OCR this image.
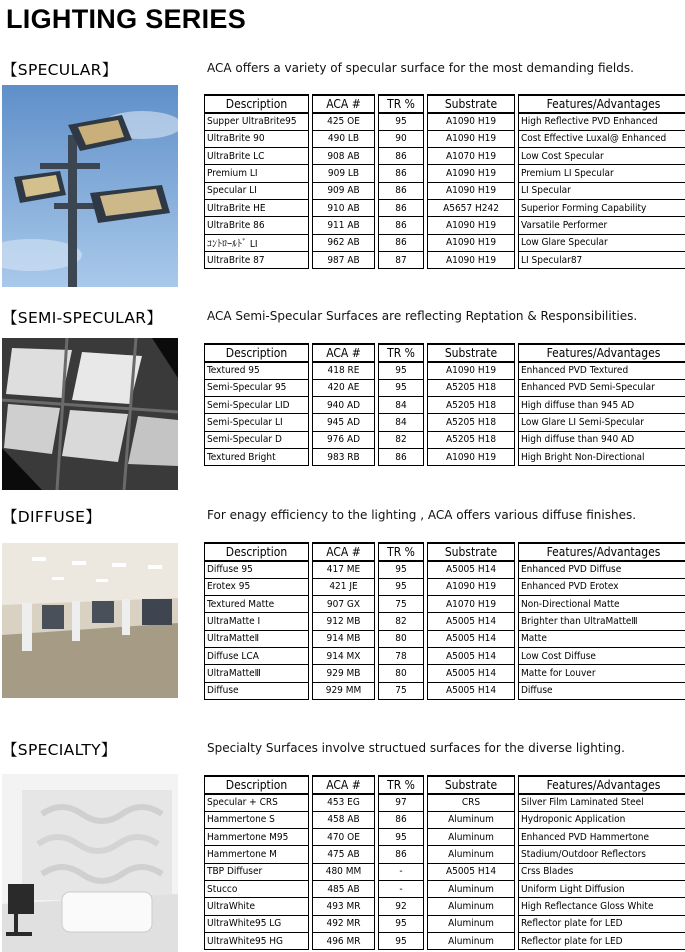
LIGHTING SERIES
【SPECULAR】	ACA offers a variety of specular surface for the most demanding fields.
Description		ACA #		TR %		Substrate		Features/Advantages
Supper UltraBrite95		425 OE		95		A1090 H19		High Reflective PVD Enhanced
UltraBrite 90		490 LB		90		A1090 H19		Cost Effective Luxal@ Enhanced
UltraBrite LC		908 AB		86		A1070 H19		Low Cost Specular
Premium LI		909 LB		86		A1090 H19		Premium LI Specular
Specular LI		909 AB		86		A1090 H19		LI Specular
UltraBrite HE		910 AB		86		A5657 H242		Superior Forming Capability
UltraBrite 86		911 AB		86		A1090 H19		Varsatile Performer
ｺﾝﾄﾛｰﾙﾄﾞ LI		962 AB		86		A1090 H19		Low Glare Specular
UltraBrite 87		987 AB		87		A1090 H19		LI Specular87
【SEMI-SPECULAR】	ACA Semi-Specular Surfaces are reflecting Reptation & Responsibilities.
Description		ACA #		TR %		Substrate		Features/Advantages
Textured 95		418 RE		95		A1090 H19		Enhanced PVD Textured
Semi-Specular 95		420 AE		95		A5205 H18		Enhanced PVD Semi-Specular
Semi-Specular LID		940 AD		84		A5205 H18		High diffuse than 945 AD
Semi-Specular LI		945 AD		84		A5205 H18		Low Glare LI Semi-Specular
Semi-Specular D		976 AD		82		A5205 H18		High diffuse than 940 AD
Textured Bright		983 RB		86		A1090 H19		High Bright Non-Directional
【DIFFUSE】	For enagy efficiency to the lighting , ACA offers various diffuse finishes.
Description		ACA #		TR %		Substrate		Features/Advantages
Diffuse 95		417 ME		95		A5005 H14		Enhanced PVD Diffuse
Erotex 95		421 JE		95		A1090 H19		Enhanced PVD Erotex
Textured Matte		907 GX		75		A1070 H19		Non-Directional Matte
UltraMatte Ⅰ		912 MB		82		A5005 H14		Brighter than UltraMatteⅢ
UltraMatteⅡ		914 MB		80		A5005 H14		Matte
Diffuse LCA		914 MX		78		A5005 H14		Low Cost Diffuse
UltraMatteⅢ		929 MB		80		A5005 H14		Matte for Louver
Diffuse		929 MM		75		A5005 H14		Diffuse
【SPECIALTY】	Specialty Surfaces involve structued surfaces for the diverse lighting.
Description		ACA #		TR %		Substrate		Features/Advantages
Specular + CRS		453 EG		97		CRS		Silver Film Laminated Steel
Hammertone S		458 AB		86		Aluminum		Hydroponic Application
Hammertone M95		470 OE		95		Aluminum		Enhanced PVD Hammertone
Hammertone M		475 AB		86		Aluminum		Stadium/Outdoor Reflectors
TBP Diffuser		480 MM		-		A5005 H14		Crss Blades
Stucco		485 AB		-		Aluminum		Uniform Light Diffusion
UltraWhite		493 MR		92		Aluminum		High Reflectance Gloss White
UltraWhite95 LG		492 MR		95		Aluminum		Reflector plate for LED
UltraWhite95 HG		496 MR		95		Aluminum		Reflector plate for LED
